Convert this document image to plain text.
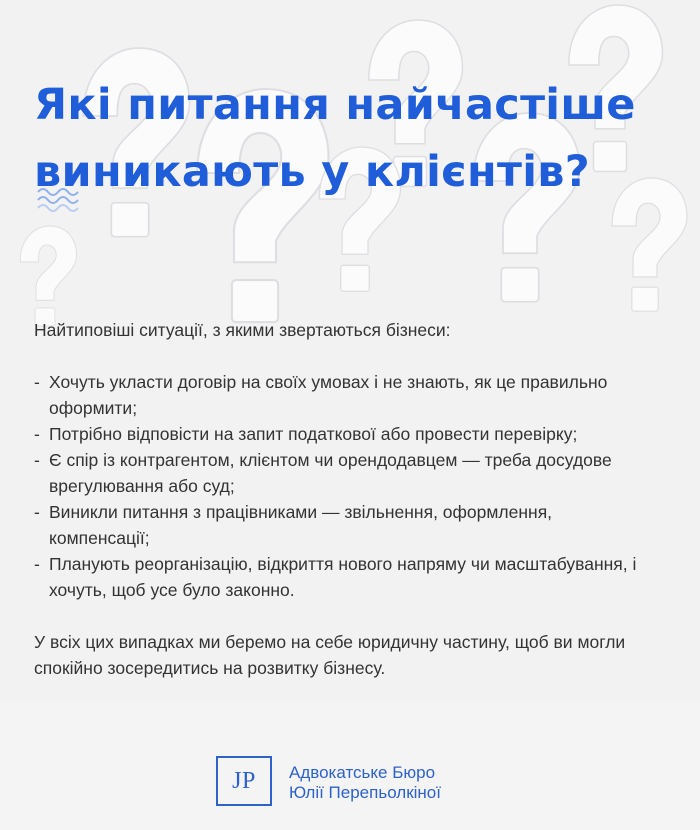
Які питання найчастіше
виникають у клієнтів?

Найтиповіші ситуації, з якими звертаються бізнеси:

- Хочуть укласти договір на своїх умовах і не знають, як це правильно
оформити;
- Потрібно відповісти на запит податкової або провести перевірку;
- Є спір із контрагентом, клієнтом чи орендодавцем — треба досудове
врегулювання або суд;
- Виникли питання з працівниками — звільнення, оформлення,
компенсації;
- Планують реорганізацію, відкриття нового напряму чи масштабування, і
хочуть, щоб усе було законно.

У всіх цих випадках ми беремо на себе юридичну частину, щоб ви могли
спокійно зосередитись на розвитку бізнесу.

JP	Адвокатське Бюро
Юлії Перепьолкіної
